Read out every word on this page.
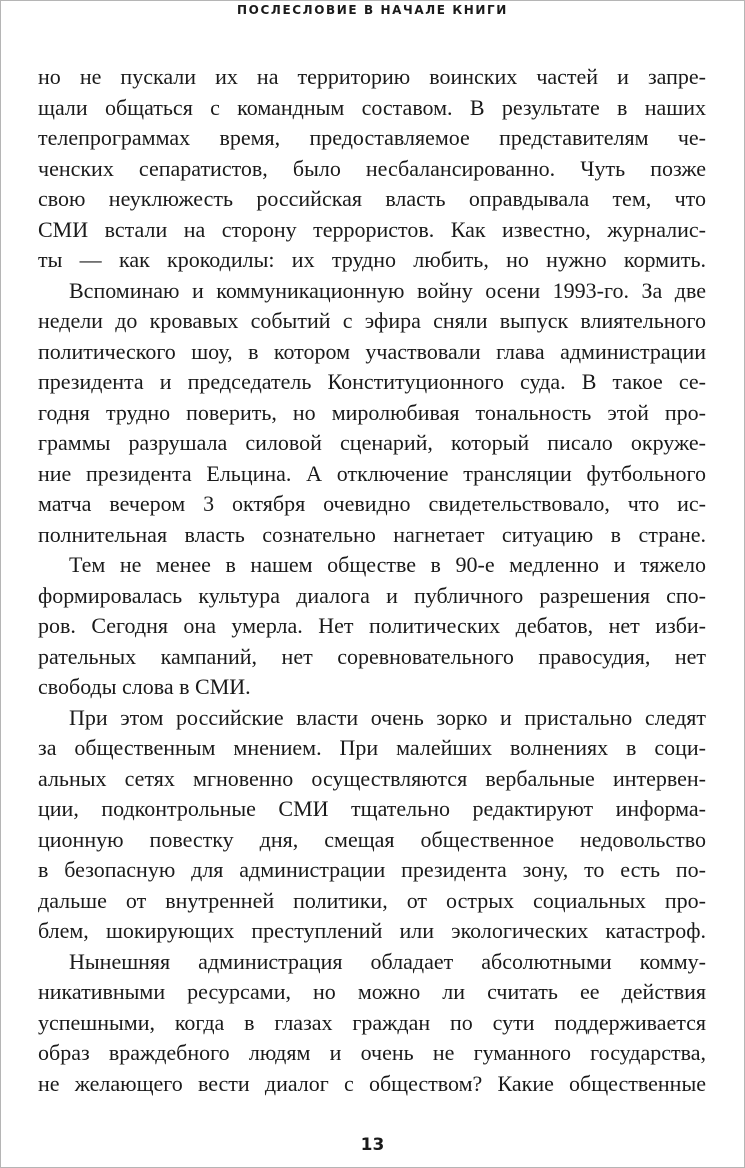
ПОСЛЕСЛОВИЕ В НАЧАЛЕ КНИГИ
но не пускали их на территорию воинских частей и запре-
щали общаться с командным составом. В результате в наших
телепрограммах время, предоставляемое представителям че-
ченских сепаратистов, было несбалансированно. Чуть позже
свою неуклюжесть российская власть оправдывала тем, что
СМИ встали на сторону террористов. Как известно, журналис-
ты — как крокодилы: их трудно любить, но нужно кормить.
Вспоминаю и коммуникационную войну осени 1993-го. За две
недели до кровавых событий с эфира сняли выпуск влиятельного
политического шоу, в котором участвовали глава администрации
президента и председатель Конституционного суда. В такое се-
годня трудно поверить, но миролюбивая тональность этой про-
граммы разрушала силовой сценарий, который писало окруже-
ние президента Ельцина. А отключение трансляции футбольного
матча вечером 3 октября очевидно свидетельствовало, что ис-
полнительная власть сознательно нагнетает ситуацию в стране.
Тем не менее в нашем обществе в 90-е медленно и тяжело
формировалась культура диалога и публичного разрешения спо-
ров. Сегодня она умерла. Нет политических дебатов, нет изби-
рательных кампаний, нет соревновательного правосудия, нет
свободы слова в СМИ.
При этом российские власти очень зорко и пристально следят
за общественным мнением. При малейших волнениях в соци-
альных сетях мгновенно осуществляются вербальные интервен-
ции, подконтрольные СМИ тщательно редактируют информа-
ционную повестку дня, смещая общественное недовольство
в безопасную для администрации президента зону, то есть по-
дальше от внутренней политики, от острых социальных про-
блем, шокирующих преступлений или экологических катастроф.
Нынешняя администрация обладает абсолютными комму-
никативными ресурсами, но можно ли считать ее действия
успешными, когда в глазах граждан по сути поддерживается
образ враждебного людям и очень не гуманного государства,
не желающего вести диалог с обществом? Какие общественные
13
